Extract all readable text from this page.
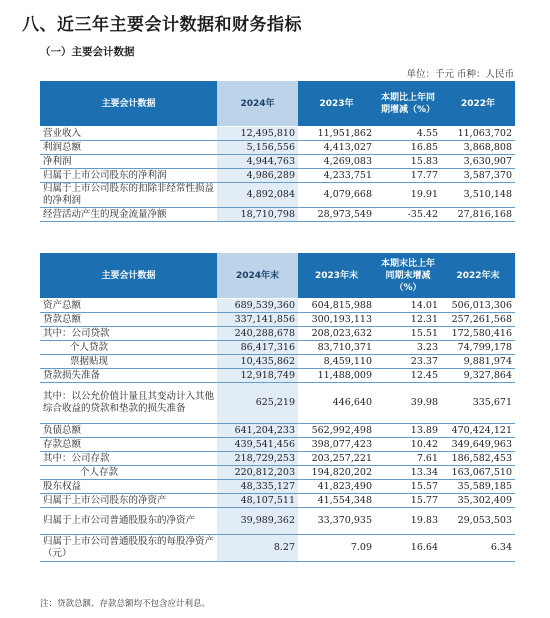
八、近三年主要会计数据和财务指标
（一）主要会计数据
单位：千元 币种：人民币
主要会计数据	2024年	2023年	本期比上年同期增减（%）	2022年
营业收入	12,495,810	11,951,862	4.55	11,063,702
利润总额	5,156,556	4,413,027	16.85	3,868,808
净利润	4,944,763	4,269,083	15.83	3,630,907
归属于上市公司股东的净利润	4,986,289	4,233,751	17.77	3,587,370
归属于上市公司股东的扣除非经常性损益的净利润	4,892,084	4,079,668	19.91	3,510,148
经营活动产生的现金流量净额	18,710,798	28,973,549	-35.42	27,816,168
主要会计数据	2024年末	2023年末	本期末比上年同期末增减（%）	2022年末
资产总额	689,539,360	604,815,988	14.01	506,013,306
贷款总额	337,141,856	300,193,113	12.31	257,261,568
其中：公司贷款	240,288,678	208,023,632	15.51	172,580,416
个人贷款	86,417,316	83,710,371	3.23	74,799,178
票据贴现	10,435,862	8,459,110	23.37	9,881,974
贷款损失准备	12,918,749	11,488,009	12.45	9,327,864
其中：以公允价值计量且其变动计入其他综合收益的贷款和垫款的损失准备	625,219	446,640	39.98	335,671
负债总额	641,204,233	562,992,498	13.89	470,424,121
存款总额	439,541,456	398,077,423	10.42	349,649,963
其中：公司存款	218,729,253	203,257,221	7.61	186,582,453
个人存款	220,812,203	194,820,202	13.34	163,067,510
股东权益	48,335,127	41,823,490	15.57	35,589,185
归属于上市公司股东的净资产	48,107,511	41,554,348	15.77	35,302,409
归属于上市公司普通股股东的净资产	39,989,362	33,370,935	19.83	29,053,503
归属于上市公司普通股股东的每股净资产（元）	8.27	7.09	16.64	6.34
注：贷款总额、存款总额均不包含应计利息。
